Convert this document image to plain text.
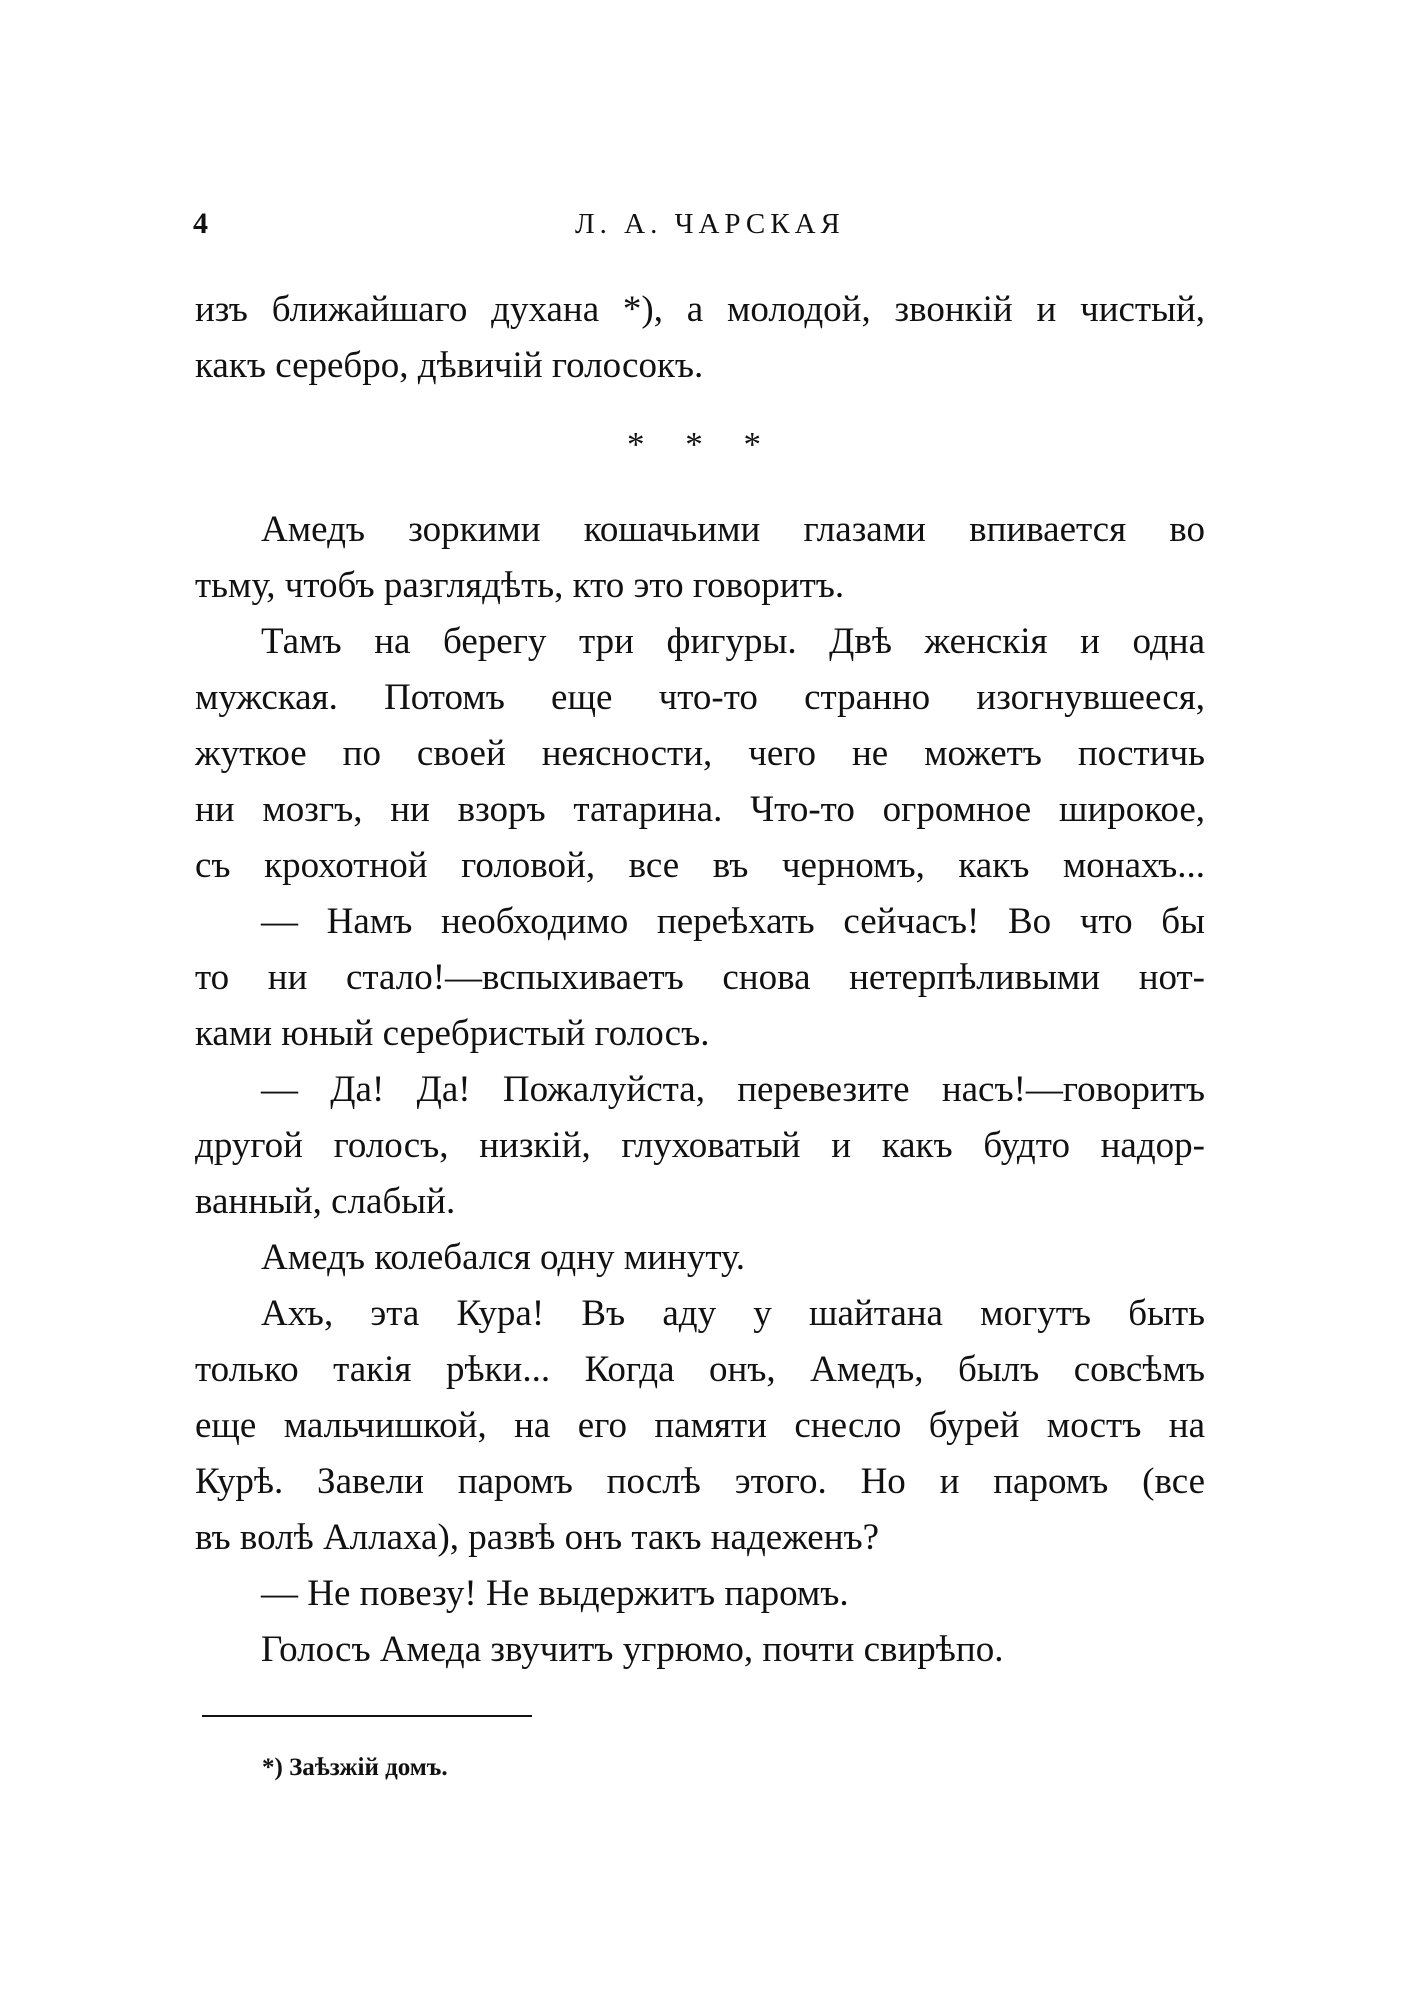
4	Л. А. ЧАРСКАЯ
изъ ближайшаго духана *), а молодой, звонкій и чистый,
какъ серебро, дѣвичій голосокъ.
* * *
Амедъ зоркими кошачьими глазами впивается во
тьму, чтобъ разглядѣть, кто это говоритъ.
Тамъ на берегу три фигуры. Двѣ женскія и одна
мужская. Потомъ еще что-то странно изогнувшееся,
жуткое по своей неясности, чего не можетъ постичь
ни мозгъ, ни взоръ татарина. Что-то огромное широкое,
съ крохотной головой, все въ черномъ, какъ монахъ...
— Намъ необходимо переѣхать сейчасъ! Во что бы
то ни стало!—вспыхиваетъ снова нетерпѣливыми нот-
ками юный серебристый голосъ.
— Да! Да! Пожалуйста, перевезите насъ!—говоритъ
другой голосъ, низкій, глуховатый и какъ будто надор-
ванный, слабый.
Амедъ колебался одну минуту.
Ахъ, эта Кура! Въ аду у шайтана могутъ быть
только такія рѣки... Когда онъ, Амедъ, былъ совсѣмъ
еще мальчишкой, на его памяти снесло бурей мостъ на
Курѣ. Завели паромъ послѣ этого. Но и паромъ (все
въ волѣ Аллаха), развѣ онъ такъ надеженъ?
— Не повезу! Не выдержитъ паромъ.
Голосъ Амеда звучитъ угрюмо, почти свирѣпо.
*) Заѣзжій домъ.
